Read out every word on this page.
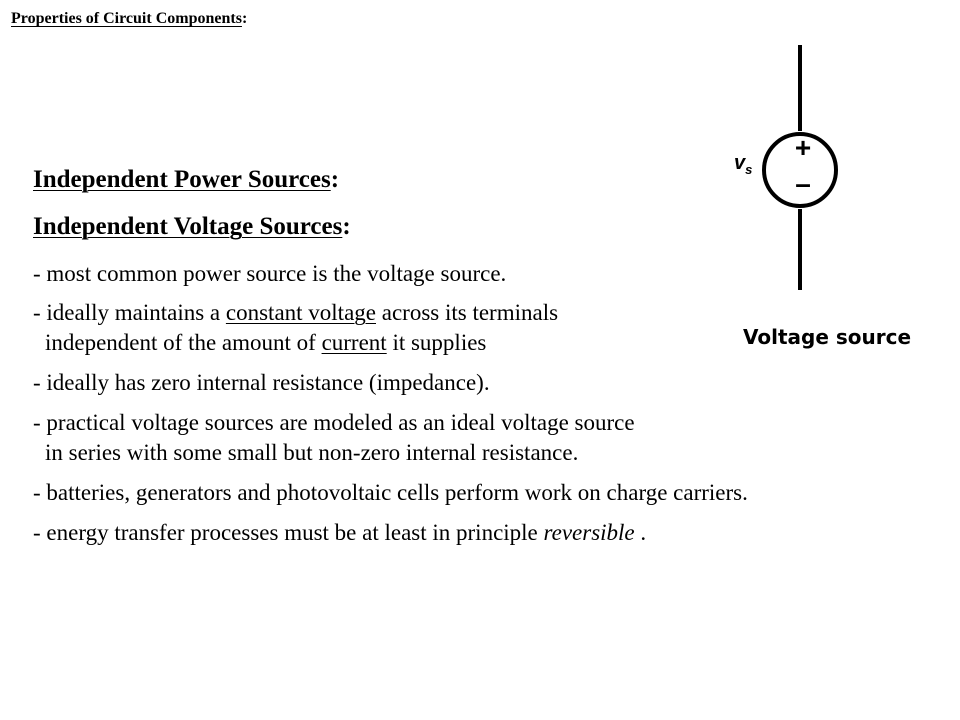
Properties of Circuit Components:
Independent Power Sources:
Independent Voltage Sources:
- most common power source is the voltage source.
- ideally maintains a constant voltage across its terminals
independent of the amount of current it supplies
- ideally has zero internal resistance (impedance).
- practical voltage sources are modeled as an ideal voltage source
in series with some small but non-zero internal resistance.
- batteries, generators and photovoltaic cells perform work on charge carriers.
- energy transfer processes must be at least in principle reversible .
+
–
$v_s$
Voltage source
